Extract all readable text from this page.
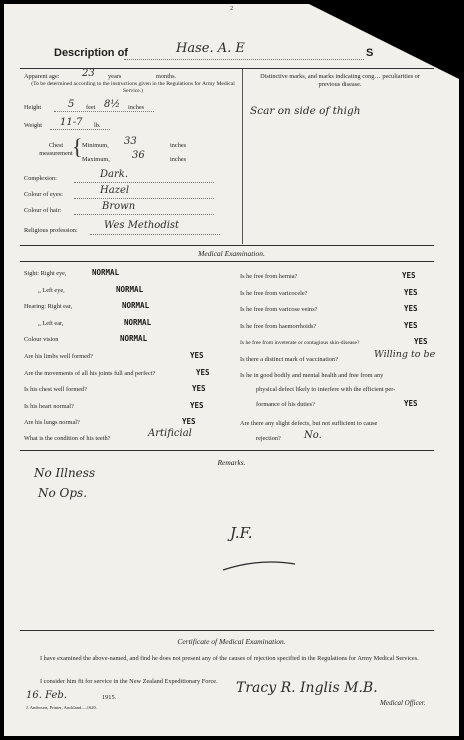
2
Description of	Hase. A. E	S
Apparent age: 23 years	months.
(To be determined according to the instructions given in the Regulations for Army Medical Service.)
Height	5 feet 8½ inches
Weight 11-7 lb.
Chest measurement { Minimum, 33	inches
Maximum, 36	inches
Complexion:	Dark.
Colour of eyes:	Hazel
Colour of hair:	Brown
Religious profession:	Wes Methodist
Distinctive marks, and marks indicating cong… peculiarities or previous disease.
Scar on side of thigh
Medical Examination.
Sight: Right eye,	NORMAL
„ Left eye,	NORMAL
Hearing: Right ear,	NORMAL
„ Left ear,	NORMAL
Colour vision	NORMAL
Are his limbs well formed?	YES
Are the movements of all his joints full and perfect?	YES
Is his chest well formed?	YES
Is his heart normal?	YES
Are his lungs normal?	YES
What is the condition of his teeth?	Artificial
Is he free from hernia?	YES
Is he free from varicocele?	YES
Is he free from varicose veins?	YES
Is he free from haemorrhoids?	YES
Is he free from inveterate or contagious skin-disease?	YES
Is there a distinct mark of vaccination?	Willing to be
Is he in good bodily and mental health and free from any
physical defect likely to interfere with the efficient per-
formance of his duties?	YES
Are there any slight defects, but not sufficient to cause
rejection? No.
Remarks.
No Illness
No Ops.
J.F.
Certificate of Medical Examination.
I have examined the above-named, and find he does not present any of the causes of rejection specified in the Regulations for Army Medical Services.
I consider him fit for service in the New Zealand Expeditionary Force.
16. Feb.	1915.
Tracy R. Inglis M.B.
Medical Officer.
J. Anderson, Printer, Auckland.—1620.
